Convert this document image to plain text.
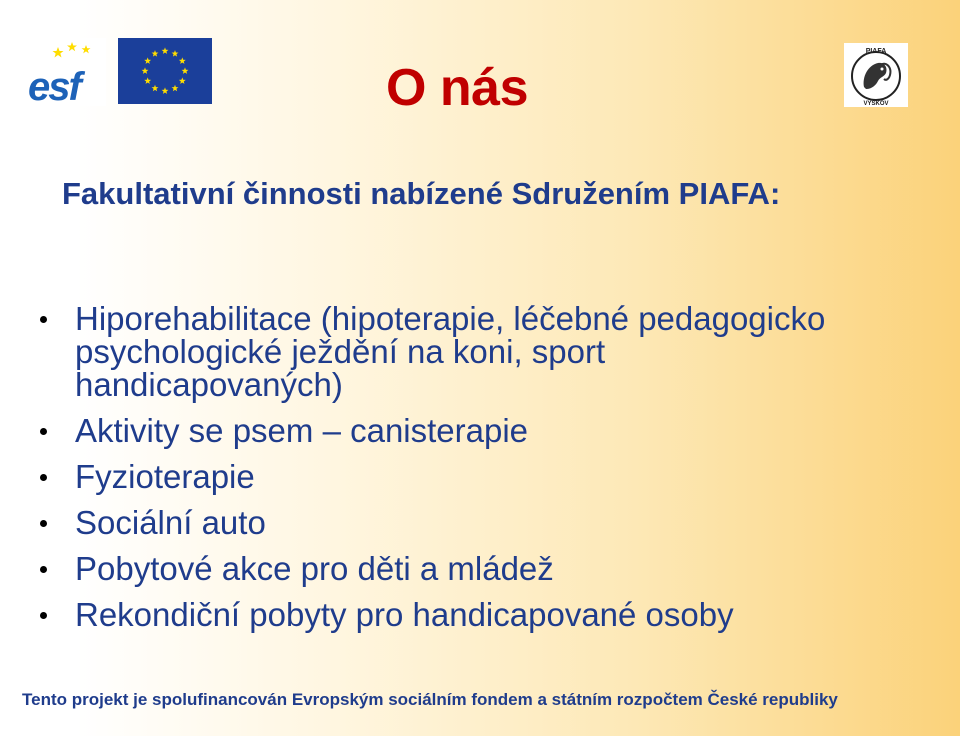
esf
PIAFA
VYŠKOV
O nás

Fakultativní činnosti nabízené Sdružením PIAFA:

Hiporehabilitace (hipoterapie, léčebné pedagogicko psychologické ježdění na koni, sport handicapovaných)
Aktivity se psem – canisterapie
Fyzioterapie
Sociální auto
Pobytové akce pro děti a mládež
Rekondiční pobyty pro handicapované osoby

Tento projekt je spolufinancován Evropským sociálním fondem a státním rozpočtem České republiky
